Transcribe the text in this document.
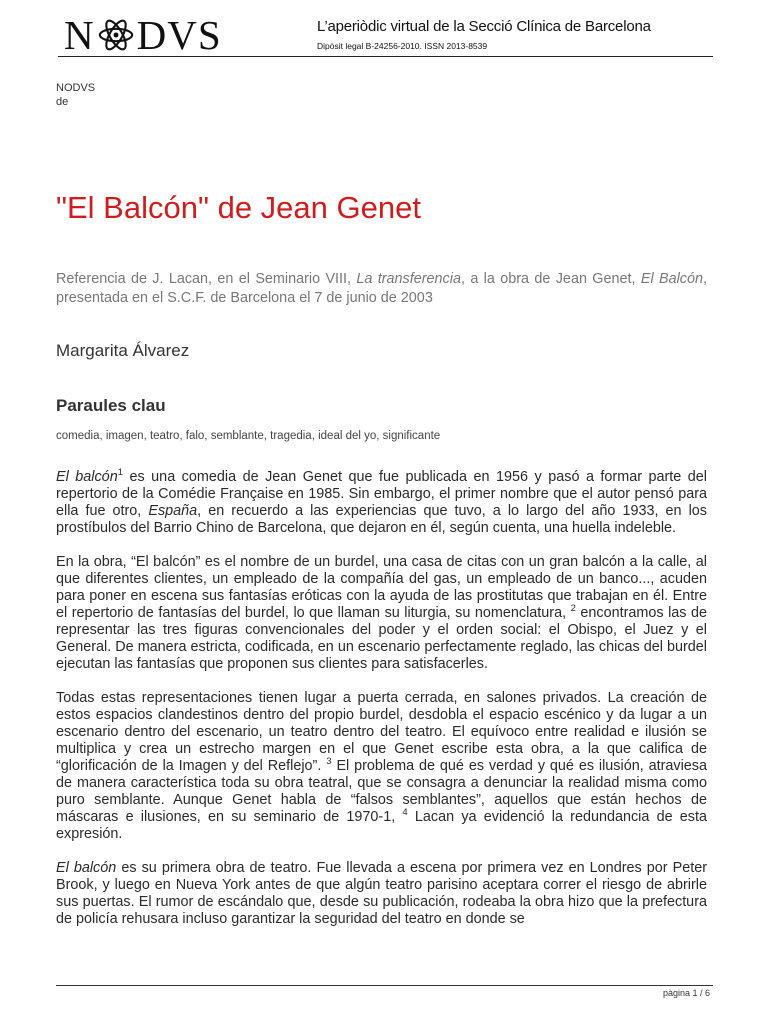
N DVS	L’aperiòdic virtual de la Secció Clínica de Barcelona
Dipòsit legal B-24256-2010. ISSN 2013-8539
NODVS
de
"El Balcón" de Jean Genet

Referencia de J. Lacan, en el Seminario VIII, La transferencia, a la obra de Jean Genet, El Balcón, presentada en el S.C.F. de Barcelona el 7 de junio de 2003

Margarita Álvarez

Paraules clau

comedia, imagen, teatro, falo, semblante, tragedia, ideal del yo, significante

El balcón$^1$ es una comedia de Jean Genet que fue publicada en 1956 y pasó a formar parte del repertorio de la Comédie Française en 1985. Sin embargo, el primer nombre que el autor pensó para ella fue otro, España, en recuerdo a las experiencias que tuvo, a lo largo del año 1933, en los prostíbulos del Barrio Chino de Barcelona, que dejaron en él, según cuenta, una huella indeleble.

En la obra, “El balcón” es el nombre de un burdel, una casa de citas con un gran balcón a la calle, al que diferentes clientes, un empleado de la compañía del gas, un empleado de un banco..., acuden para poner en escena sus fantasías eróticas con la ayuda de las prostitutas que trabajan en él. Entre el repertorio de fantasías del burdel, lo que llaman su liturgia, su nomenclatura, $^2$ encontramos las de representar las tres figuras convencionales del poder y el orden social: el Obispo, el Juez y el General. De manera estricta, codificada, en un escenario perfectamente reglado, las chicas del burdel ejecutan las fantasías que proponen sus clientes para satisfacerles.

Todas estas representaciones tienen lugar a puerta cerrada, en salones privados. La creación de estos espacios clandestinos dentro del propio burdel, desdobla el espacio escénico y da lugar a un escenario dentro del escenario, un teatro dentro del teatro. El equívoco entre realidad e ilusión se multiplica y crea un estrecho margen en el que Genet escribe esta obra, a la que califica de “glorificación de la Imagen y del Reflejo”. $^3$ El problema de qué es verdad y qué es ilusión, atraviesa de manera característica toda su obra teatral, que se consagra a denunciar la realidad misma como puro semblante. Aunque Genet habla de “falsos semblantes”, aquellos que están hechos de máscaras e ilusiones, en su seminario de 1970-1, $^4$ Lacan ya evidenció la redundancia de esta expresión.

El balcón es su primera obra de teatro. Fue llevada a escena por primera vez en Londres por Peter Brook, y luego en Nueva York antes de que algún teatro parisino aceptara correr el riesgo de abrirle sus puertas. El rumor de escándalo que, desde su publicación, rodeaba la obra hizo que la prefectura de policía rehusara incluso garantizar la seguridad del teatro en donde se

pàgina 1 / 6
